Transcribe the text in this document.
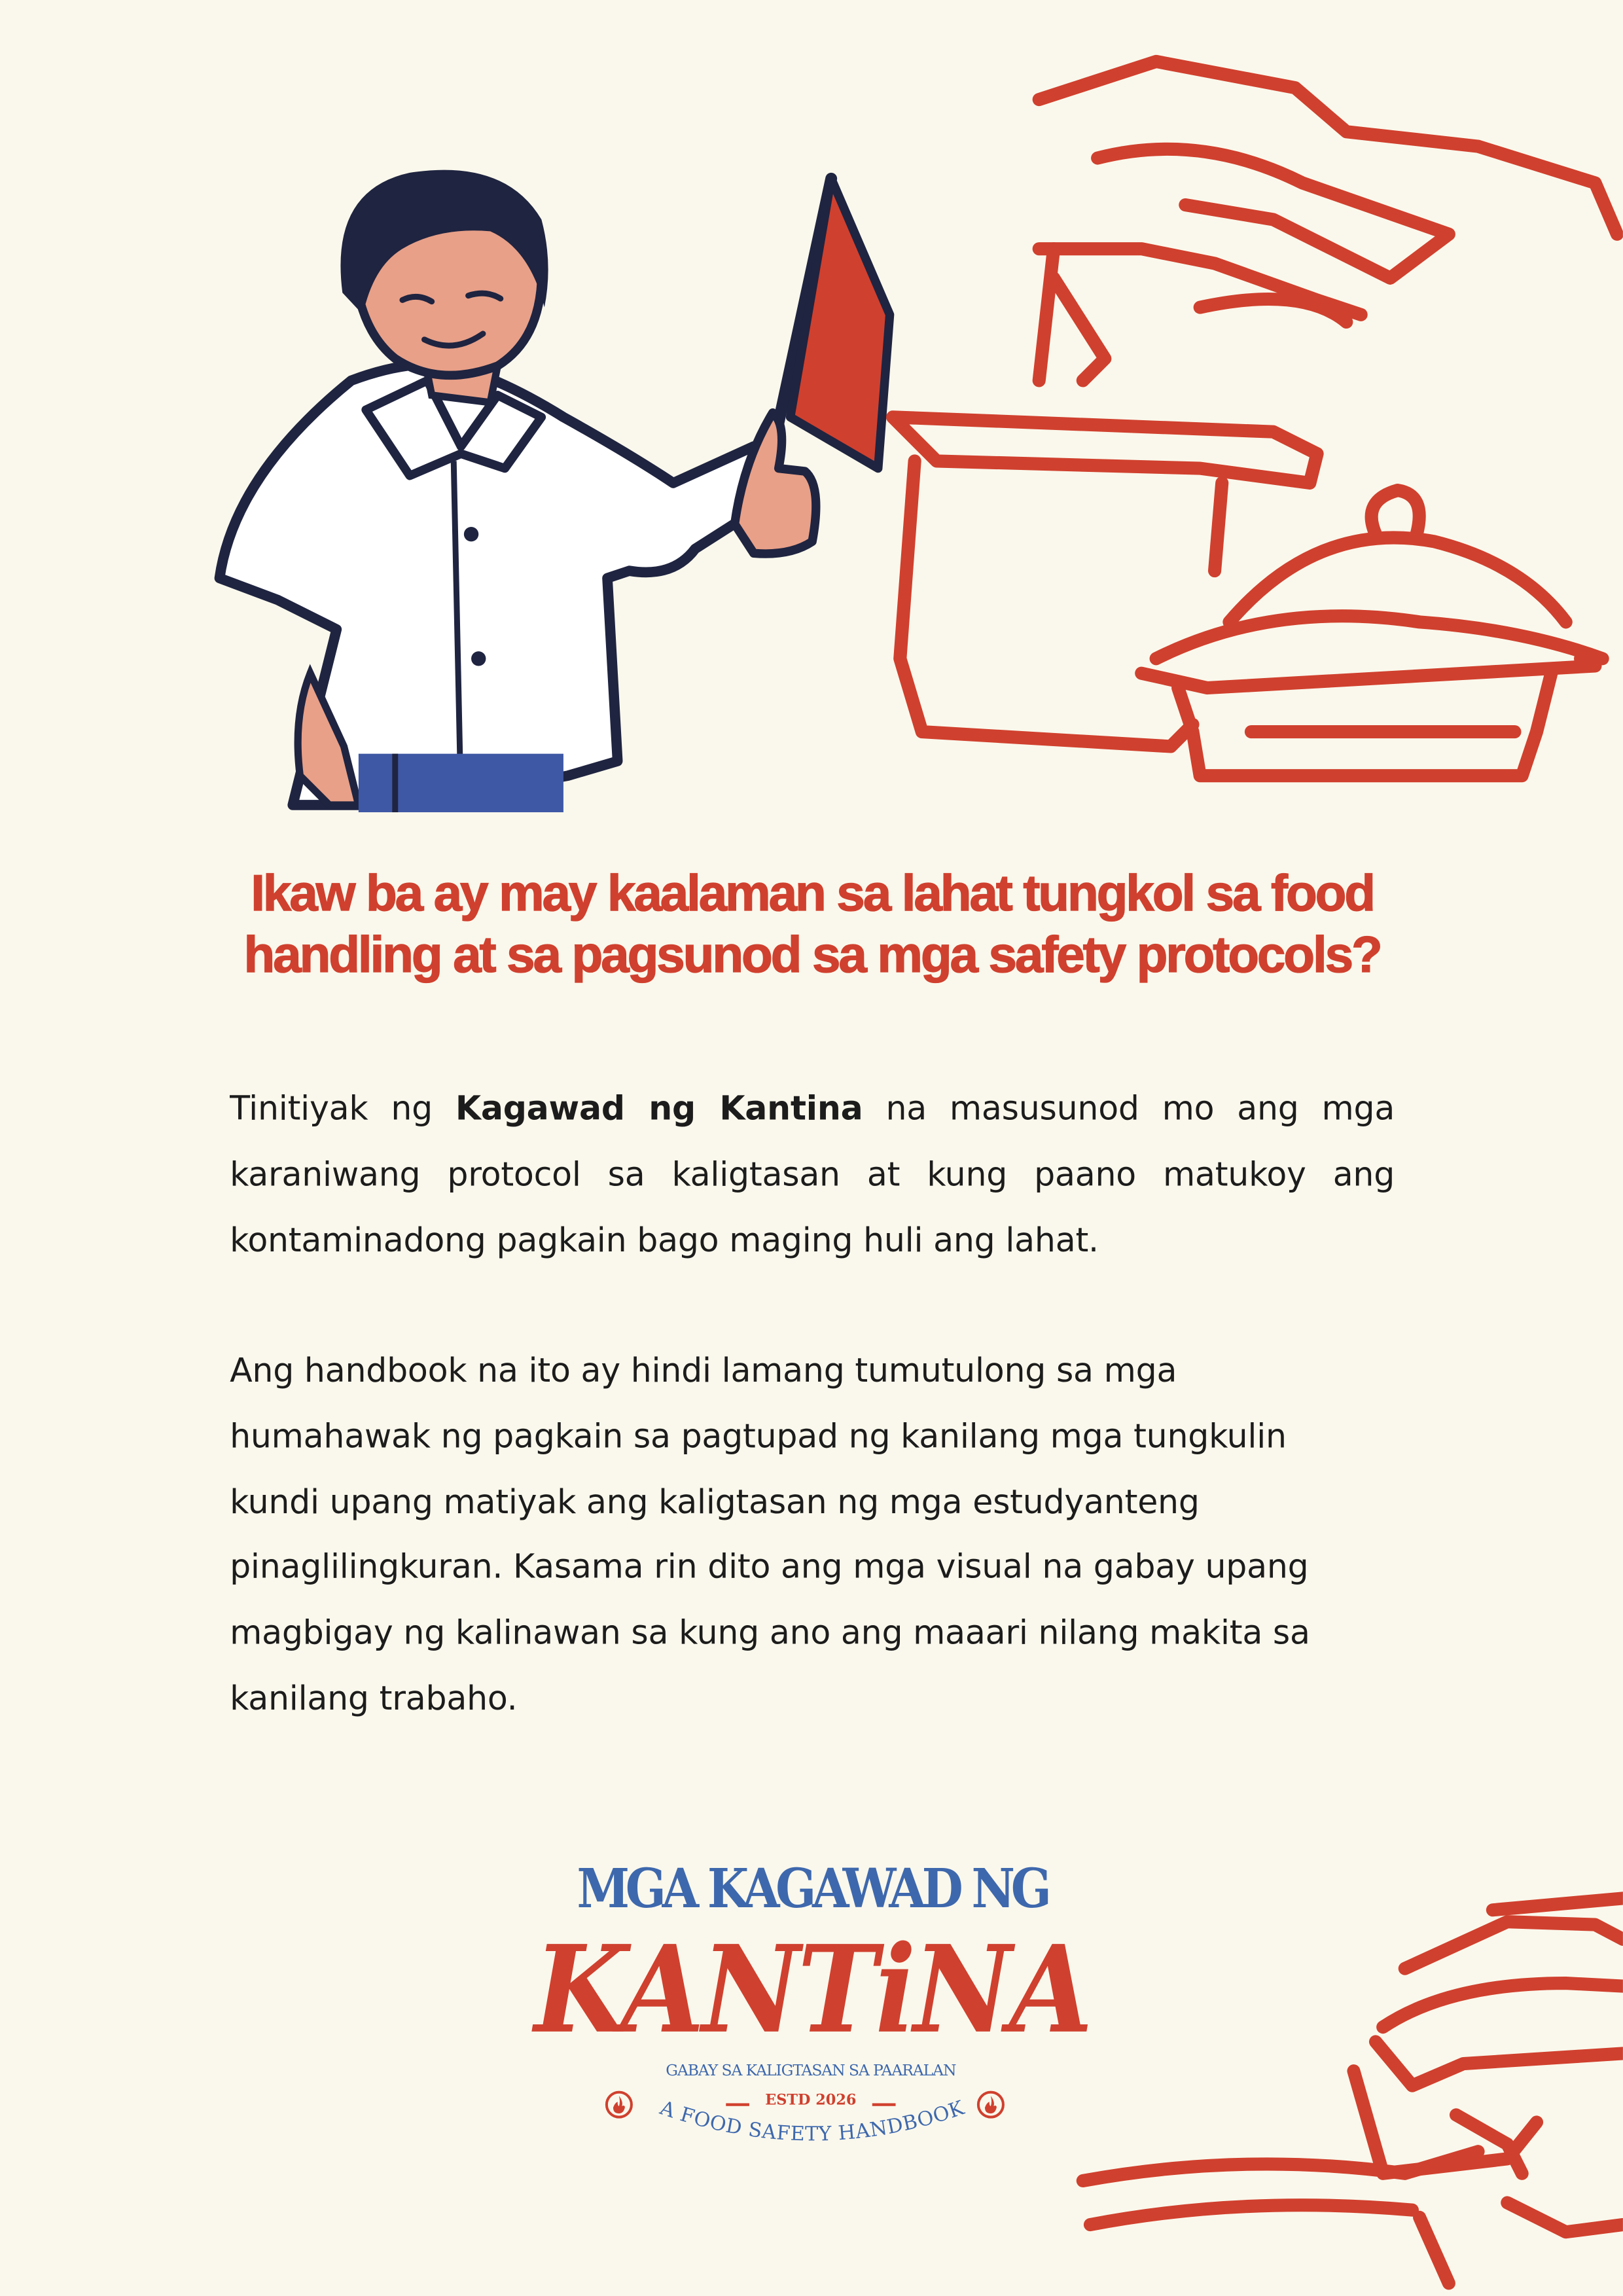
Ikaw ba ay may kaalaman sa lahat tungkol sa food
handling at sa pagsunod sa mga safety protocols?
Tinitiyak ng Kagawad ng Kantina na masusunod mo ang mga
karaniwang protocol sa kaligtasan at kung paano matukoy ang
kontaminadong pagkain bago maging huli ang lahat.
Ang handbook na ito ay hindi lamang tumutulong sa mga
humahawak ng pagkain sa pagtupad ng kanilang mga tungkulin
kundi upang matiyak ang kaligtasan ng mga estudyanteng
pinaglilingkuran. Kasama rin dito ang mga visual na gabay upang
magbigay ng kalinawan sa kung ano ang maaari nilang makita sa
kanilang trabaho.
MGA KAGAWAD NG
KANTiNA
GABAY SA KALIGTASAN SA PAARALAN
ESTD 2026
A FOOD SAFETY HANDBOOK
